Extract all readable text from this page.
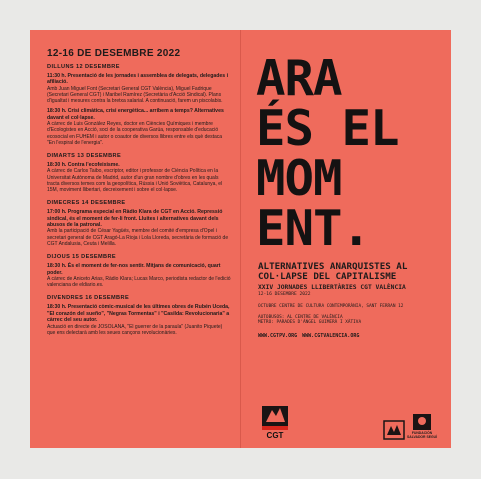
12-16 DE DESEMBRE 2022
DILLUNS 12 DESEMBRE
11:30 h. Presentació de les jornades i assemblea de delegats, delegades i afiliació.
Amb Juan Miguel Font (Secretari General CGT València), Miguel Fadrique (Secretari General CGT) i Maribel Ramírez (Secretària d'Acció Sindical). Plans d'igualtat i mesures contra la bretxa salarial. A continuació, farem un piscolabis.
18:30 h. Crisi climàtica, crisi energètica... arribem a temps? Alternatives davant el col·lapse.
A càrrec de Luis González Reyes, doctor en Ciències Químiques i membre d'Ecologistes en Acció, soci de la cooperativa Garúa, responsable d'educació ecosocial en FUHEM i autor o coautor de diversos llibres entre els què destaca "En l'espiral de l'energia".
DIMARTS 13 DESEMBRE
18:30 h. Contra l'ecofeixisme.
A càrrec de Carlos Taibo, escriptor, editor i professor de Ciència Política en la Universitat Autònoma de Madrid, autor d'un gran nombre d'obres en les quals tracta diversos temes com la geopolítica, Rússia i Unió Soviètica, Catalunya, el 15M, moviment llibertari, decreixement i sobre el col·lapse.
DIMECRES 14 DESEMBRE
17:00 h. Programa especial en Ràdio Klara de CGT en Acció. Repressió sindical, és el moment de fer-li front. Lluites i alternatives davant dels abusos de la patronal.
Amb la participació de César Yagüés, membre del comité d'empresa d'Opel i secretari general de CGT Aragó-La Rioja i Lola Lloreda, secretària de formació de CGT Andalusia, Ceuta i Melilla.
DIJOUS 15 DESEMBRE
18:30 h. És el moment de fer-nos sentir. Mitjans de comunicació, quart poder.
A càrrec de Aniceto Arias, Ràdio Klara; Lucas Marco, periodista redactor de l'edició valenciana de eldiario.es.
DIVENDRES 16 DESEMBRE
18:30 h. Presentació còmic-musical de les últimes obres de Rubén Uceda, "El corazón del sueño", "Negras Tormentas" i "Casilda: Revolucionaria" a càrrec del seu autor.
Actuació en directe de JOSOLANA, "El guerrer de la paraula" (Juanito Piquete) que ens delectarà amb les seues cançons revolucionàries.
ARA
ÉS EL
MOM
ENT.
ALTERNATIVES ANARQUISTES AL COL·LAPSE DEL CAPITALISME
XXIV JORNADES LLIBERTÀRIES CGT VALÈNCIA
12-16 DESEMBRE 2022
OCTUBRE CENTRE DE CULTURA CONTEMPORÀNIA, SANT FERRAN 12
AUTOBUSOS: AL CENTRE DE VALÈNCIA
METRO: PARADES D'ÀNGEL GUIMERÀ I XÀTIVA
WWW.CGTPV.ORG WWW.CGTVALENCIA.ORG
CGT	FUNDACIÓN SALVADOR SEGUÍ
